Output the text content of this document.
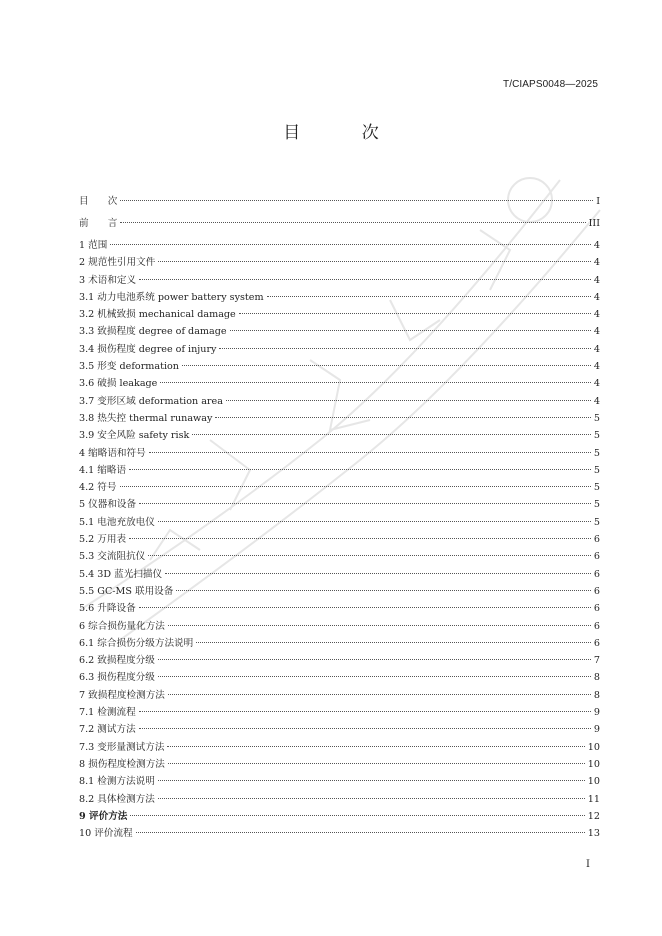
T/CIAPS0048—2025
目 次
目　　次	I
前　　言	III
1 范围	4
2 规范性引用文件	4
3 术语和定义	4
3.1 动力电池系统 power battery system	4
3.2 机械致损 mechanical damage	4
3.3 致损程度 degree of damage	4
3.4 损伤程度 degree of injury	4
3.5 形变 deformation	4
3.6 破损 leakage	4
3.7 变形区域 deformation area	4
3.8 热失控 thermal runaway	5
3.9 安全风险 safety risk	5
4 缩略语和符号	5
4.1 缩略语	5
4.2 符号	5
5 仪器和设备	5
5.1 电池充放电仪	5
5.2 万用表	6
5.3 交流阻抗仪	6
5.4 3D 蓝光扫描仪	6
5.5 GC-MS 联用设备	6
5.6 升降设备	6
6 综合损伤量化方法	6
6.1 综合损伤分级方法说明	6
6.2 致损程度分级	7
6.3 损伤程度分级	8
7 致损程度检测方法	8
7.1 检测流程	9
7.2 测试方法	9
7.3 变形量测试方法	10
8 损伤程度检测方法	10
8.1 检测方法说明	10
8.2 具体检测方法	11
9 评价方法	12
10 评价流程	13
I
